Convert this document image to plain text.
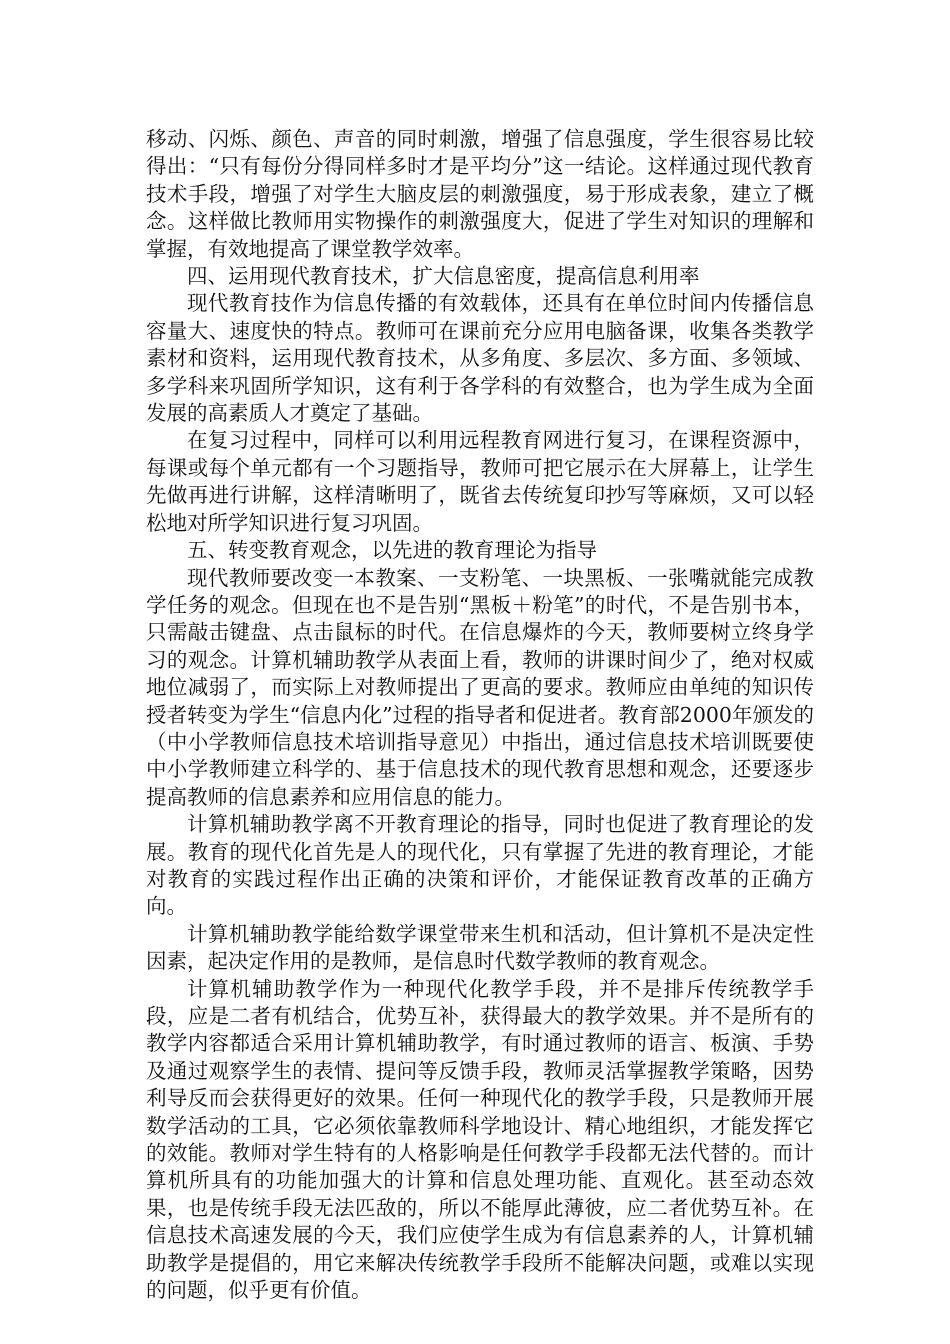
移动、闪烁、颜色、声音的同时刺激，增强了信息强度，学生很容易比较得出：“只有每份分得同样多时才是平均分”这一结论。这样通过现代教育技术手段，增强了对学生大脑皮层的刺激强度，易于形成表象，建立了概念。这样做比教师用实物操作的刺激强度大，促进了学生对知识的理解和掌握，有效地提高了课堂教学效率。

四、运用现代教育技术，扩大信息密度，提高信息利用率

现代教育技作为信息传播的有效载体，还具有在单位时间内传播信息容量大、速度快的特点。教师可在课前充分应用电脑备课，收集各类教学素材和资料，运用现代教育技术，从多角度、多层次、多方面、多领域、多学科来巩固所学知识，这有利于各学科的有效整合，也为学生成为全面发展的高素质人才奠定了基础。

在复习过程中，同样可以利用远程教育网进行复习，在课程资源中，每课或每个单元都有一个习题指导，教师可把它展示在大屏幕上，让学生先做再进行讲解，这样清晰明了，既省去传统复印抄写等麻烦，又可以轻松地对所学知识进行复习巩固。

五、转变教育观念，以先进的教育理论为指导

现代教师要改变一本教案、一支粉笔、一块黑板、一张嘴就能完成教学任务的观念。但现在也不是告别“黑板＋粉笔”的时代，不是告别书本，只需敲击键盘、点击鼠标的时代。在信息爆炸的今天，教师要树立终身学习的观念。计算机辅助教学从表面上看，教师的讲课时间少了，绝对权威地位减弱了，而实际上对教师提出了更高的要求。教师应由单纯的知识传授者转变为学生“信息内化”过程的指导者和促进者。教育部2000年颁发的（中小学教师信息技术培训指导意见）中指出，通过信息技术培训既要使中小学教师建立科学的、基于信息技术的现代教育思想和观念，还要逐步提高教师的信息素养和应用信息的能力。

计算机辅助教学离不开教育理论的指导，同时也促进了教育理论的发展。教育的现代化首先是人的现代化，只有掌握了先进的教育理论，才能对教育的实践过程作出正确的决策和评价，才能保证教育改革的正确方向。

计算机辅助教学能给数学课堂带来生机和活动，但计算机不是决定性因素，起决定作用的是教师，是信息时代数学教师的教育观念。

计算机辅助教学作为一种现代化教学手段，并不是排斥传统教学手段，应是二者有机结合，优势互补，获得最大的教学效果。并不是所有的教学内容都适合采用计算机辅助教学，有时通过教师的语言、板演、手势及通过观察学生的表情、提问等反馈手段，教师灵活掌握教学策略，因势利导反而会获得更好的效果。任何一种现代化的教学手段，只是教师开展数学活动的工具，它必须依靠教师科学地设计、精心地组织，才能发挥它的效能。教师对学生特有的人格影响是任何教学手段都无法代替的。而计算机所具有的功能加强大的计算和信息处理功能、直观化。甚至动态效果，也是传统手段无法匹敌的，所以不能厚此薄彼，应二者优势互补。在信息技术高速发展的今天，我们应使学生成为有信息素养的人，计算机辅助教学是提倡的，用它来解决传统教学手段所不能解决问题，或难以实现的问题，似乎更有价值。
